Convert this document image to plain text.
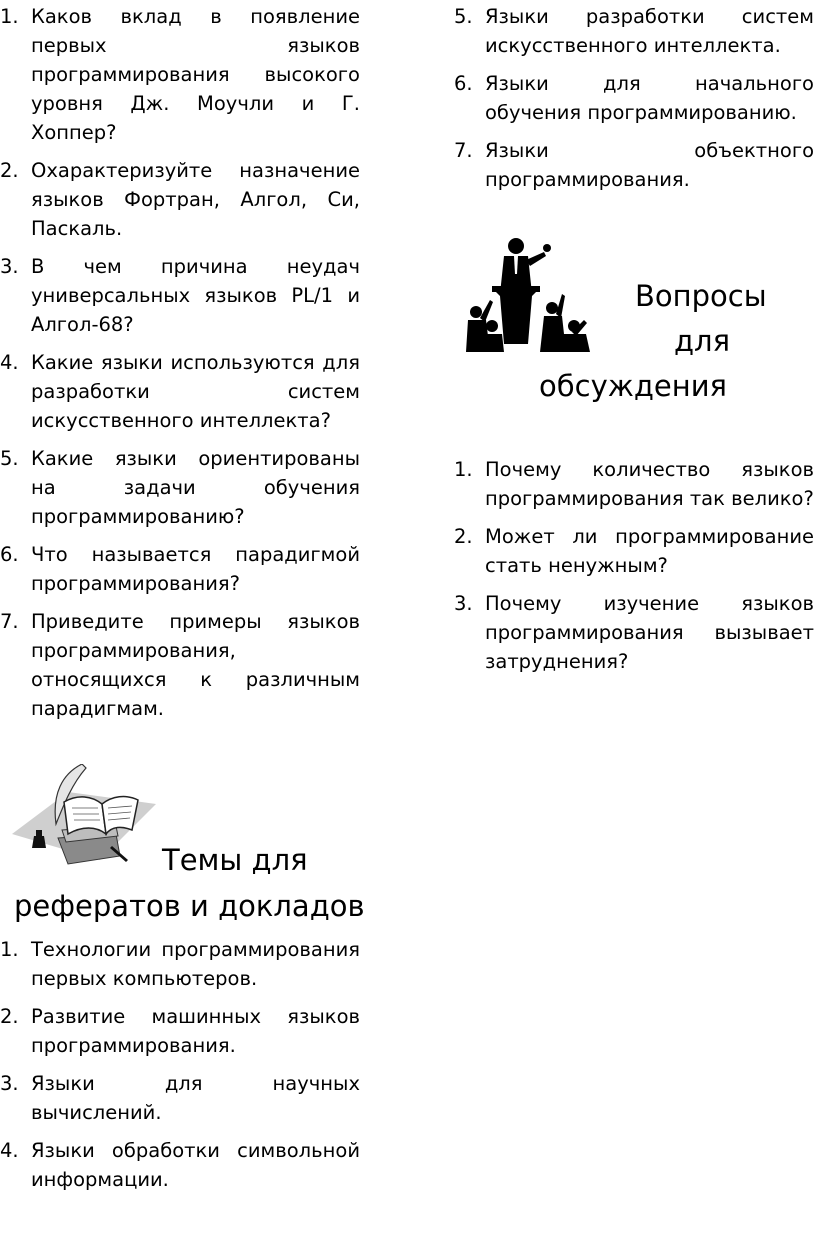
1. Каков вклад в появление первых языков программирования высокого уровня Дж. Моучли и Г. Хоппер?
2. Охарактеризуйте назначение языков Фортран, Алгол, Си, Паскаль.
3. В чем причина неудач универсальных языков PL/1 и Алгол-68?
4. Какие языки используются для разработки систем искусственного интеллекта?
5. Какие языки ориентированы на задачи обучения программированию?
6. Что называется парадигмой программирования?
7. Приведите примеры языков программирования, относящихся к различным парадигмам.
5. Языки разработки систем искусственного интеллекта.
6. Языки для начального обучения программированию.
7. Языки объектного программирования.
Вопросы
для
обсуждения
1. Почему количество языков программирования так велико?
2. Может ли программирование стать ненужным?
3. Почему изучение языков программирования вызывает затруднения?
Темы для
рефератов и докладов
1. Технологии программирования первых компьютеров.
2. Развитие машинных языков программирования.
3. Языки для научных вычислений.
4. Языки обработки символьной информации.
